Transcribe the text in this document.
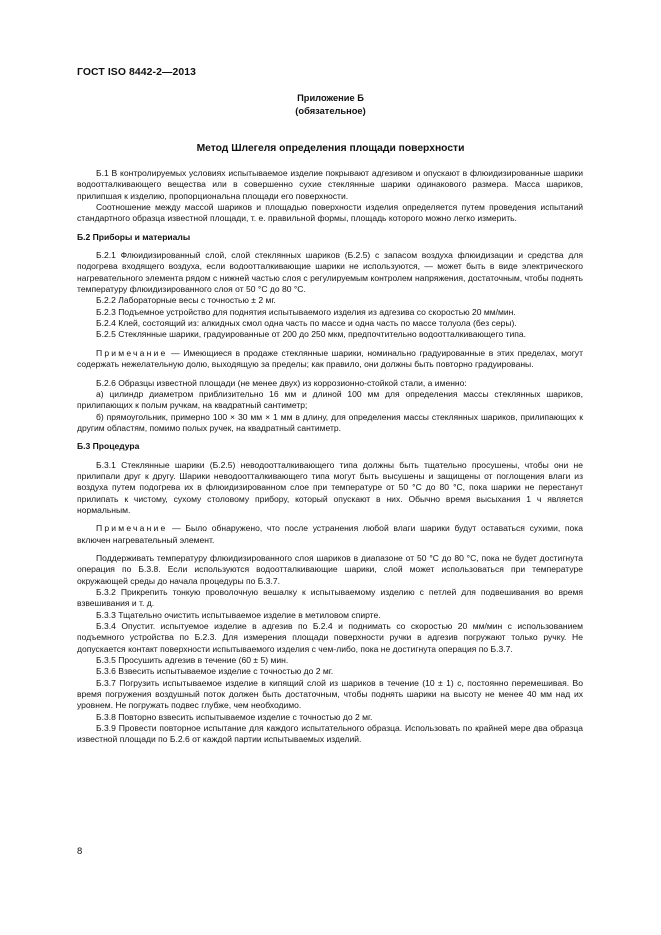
ГОСТ ISO 8442-2—2013
Приложение Б
(обязательное)
Метод Шлегеля определения площади поверхности

Б.1 В контролируемых условиях испытываемое изделие покрывают адгезивом и опускают в флюидизированные шарики водоотталкивающего вещества или в совершенно сухие стеклянные шарики одинакового размера. Масса шариков, прилипшая к изделию, пропорциональна площади его поверхности.

Соотношение между массой шариков и площадью поверхности изделия определяется путем проведения испытаний стандартного образца известной площади, т. е. правильной формы, площадь которого можно легко измерить.

Б.2 Приборы и материалы

Б.2.1 Флюидизированный слой, слой стеклянных шариков (Б.2.5) с запасом воздуха флюидизации и средства для подогрева входящего воздуха, если водоотталкивающие шарики не используются, — может быть в виде электрического нагревательного элемента рядом с нижней частью слоя с регулируемым контролем напряжения, достаточным, чтобы поднять температуру флюидизированного слоя от 50 °С до 80 °С.

Б.2.2 Лабораторные весы с точностью ± 2 мг.

Б.2.3 Подъемное устройство для поднятия испытываемого изделия из адгезива со скоростью 20 мм/мин.

Б.2.4 Клей, состоящий из: алкидных смол одна часть по массе и одна часть по массе толуола (без серы).

Б.2.5 Стеклянные шарики, градуированные от 200 до 250 мкм, предпочтительно водоотталкивающего типа.

Примечание — Имеющиеся в продаже стеклянные шарики, номинально градуированные в этих пределах, могут содержать нежелательную долю, выходящую за пределы; как правило, они должны быть повторно градуированы.

Б.2.6 Образцы известной площади (не менее двух) из коррозионно-стойкой стали, а именно:

а) цилиндр диаметром приблизительно 16 мм и длиной 100 мм для определения массы стеклянных шариков, прилипающих к полым ручкам, на квадратный сантиметр;

б) прямоугольник, примерно 100 × 30 мм × 1 мм в длину, для определения массы стеклянных шариков, прилипающих к другим областям, помимо полых ручек, на квадратный сантиметр.

Б.3 Процедура

Б.3.1 Стеклянные шарики (Б.2.5) неводоотталкивающего типа должны быть тщательно просушены, чтобы они не прилипали друг к другу. Шарики неводоотталкивающего типа могут быть высушены и защищены от поглощения влаги из воздуха путем подогрева их в флюидизированном слое при температуре от 50 °С до 80 °С, пока шарики не перестанут прилипать к чистому, сухому столовому прибору, который опускают в них. Обычно время высыхания 1 ч является нормальным.

Примечание — Было обнаружено, что после устранения любой влаги шарики будут оставаться сухими, пока включен нагревательный элемент.

Поддерживать температуру флюидизированного слоя шариков в диапазоне от 50 °С до 80 °С, пока не будет достигнута операция по Б.3.8. Если используются водоотталкивающие шарики, слой может использоваться при температуре окружающей среды до начала процедуры по Б.3.7.

Б.3.2 Прикрепить тонкую проволочную вешалку к испытываемому изделию с петлей для подвешивания во время взвешивания и т. д.

Б.3.3 Тщательно очистить испытываемое изделие в метиловом спирте.

Б.3.4 Опустит. испытуемое изделие в адгезив по Б.2.4 и поднимать со скоростью 20 мм/мин с использованием подъемного устройства по Б.2.3. Для измерения площади поверхности ручки в адгезив погружают только ручку. Не допускается контакт поверхности испытываемого изделия с чем-либо, пока не достигнута операция по Б.3.7.

Б.3.5 Просушить адгезив в течение (60 ± 5) мин.

Б.3.6 Взвесить испытываемое изделие с точностью до 2 мг.

Б.3.7 Погрузить испытываемое изделие в кипящий слой из шариков в течение (10 ± 1) с, постоянно перемешивая. Во время погружения воздушный поток должен быть достаточным, чтобы поднять шарики на высоту не менее 40 мм над их уровнем. Не погружать подвес глубже, чем необходимо.

Б.3.8 Повторно взвесить испытываемое изделие с точностью до 2 мг.

Б.3.9 Провести повторное испытание для каждого испытательного образца. Использовать по крайней мере два образца известной площади по Б.2.6 от каждой партии испытываемых изделий.

8
